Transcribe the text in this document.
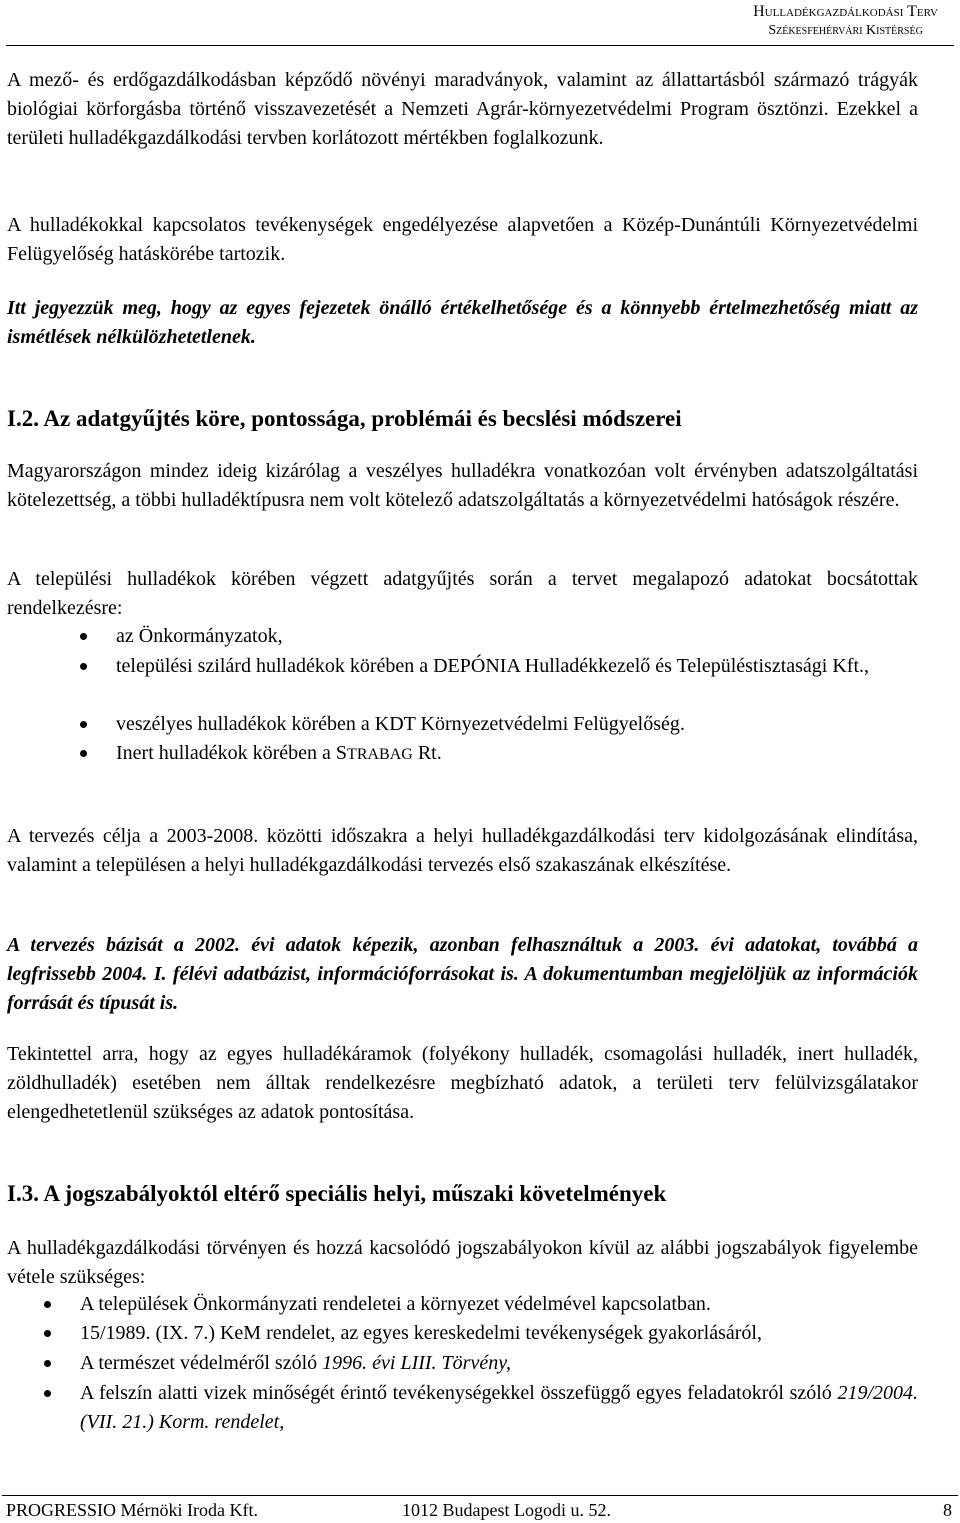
Hulladékgazdálkodási Terv
Székesfehérvári Kistérség

A mező- és erdőgazdálkodásban képződő növényi maradványok, valamint az állattartásból származó trágyák biológiai körforgásba történő visszavezetését a Nemzeti Agrár-környezetvédelmi Program ösztönzi. Ezekkel a területi hulladékgazdálkodási tervben korlátozott mértékben foglalkozunk.

A hulladékokkal kapcsolatos tevékenységek engedélyezése alapvetően a Közép-Dunántúli Környezetvédelmi Felügyelőség hatáskörébe tartozik.

Itt jegyezzük meg, hogy az egyes fejezetek önálló értékelhetősége és a könnyebb értelmezhetőség miatt az ismétlések nélkülözhetetlenek.

I.2. Az adatgyűjtés köre, pontossága, problémái és becslési módszerei

Magyarországon mindez ideig kizárólag a veszélyes hulladékra vonatkozóan volt érvényben adatszolgáltatási kötelezettség, a többi hulladéktípusra nem volt kötelező adatszolgáltatás a környezetvédelmi hatóságok részére.

A települési hulladékok körében végzett adatgyűjtés során a tervet megalapozó adatokat bocsátottak rendelkezésre:

az Önkormányzatok,

települési szilárd hulladékok körében a DEPÓNIA Hulladékkezelő és Településtisztasági Kft.,

veszélyes hulladékok körében a KDT Környezetvédelmi Felügyelőség.

Inert hulladékok körében a STRABAG Rt.

A tervezés célja a 2003-2008. közötti időszakra a helyi hulladékgazdálkodási terv kidolgozásának elindítása, valamint a településen a helyi hulladékgazdálkodási tervezés első szakaszának elkészítése.

A tervezés bázisát a 2002. évi adatok képezik, azonban felhasználtuk a 2003. évi adatokat, továbbá a legfrissebb 2004. I. félévi adatbázist, információforrásokat is. A dokumentumban megjelöljük az információk forrását és típusát is.

Tekintettel arra, hogy az egyes hulladékáramok (folyékony hulladék, csomagolási hulladék, inert hulladék, zöldhulladék) esetében nem álltak rendelkezésre megbízható adatok, a területi terv felülvizsgálatakor elengedhetetlenül szükséges az adatok pontosítása.

I.3. A jogszabályoktól eltérő speciális helyi, műszaki követelmények

A hulladékgazdálkodási törvényen és hozzá kacsolódó jogszabályokon kívül az alábbi jogszabályok figyelembe vétele szükséges:

A települések Önkormányzati rendeletei a környezet védelmével kapcsolatban.

15/1989. (IX. 7.) KeM rendelet, az egyes kereskedelmi tevékenységek gyakorlásáról,

A természet védelméről szóló 1996. évi LIII. Törvény,

A felszín alatti vizek minőségét érintő tevékenységekkel összefüggő egyes feladatokról szóló 219/2004. (VII. 21.) Korm. rendelet,

PROGRESSIO Mérnöki Iroda Kft.	1012 Budapest Logodi u. 52.	8
